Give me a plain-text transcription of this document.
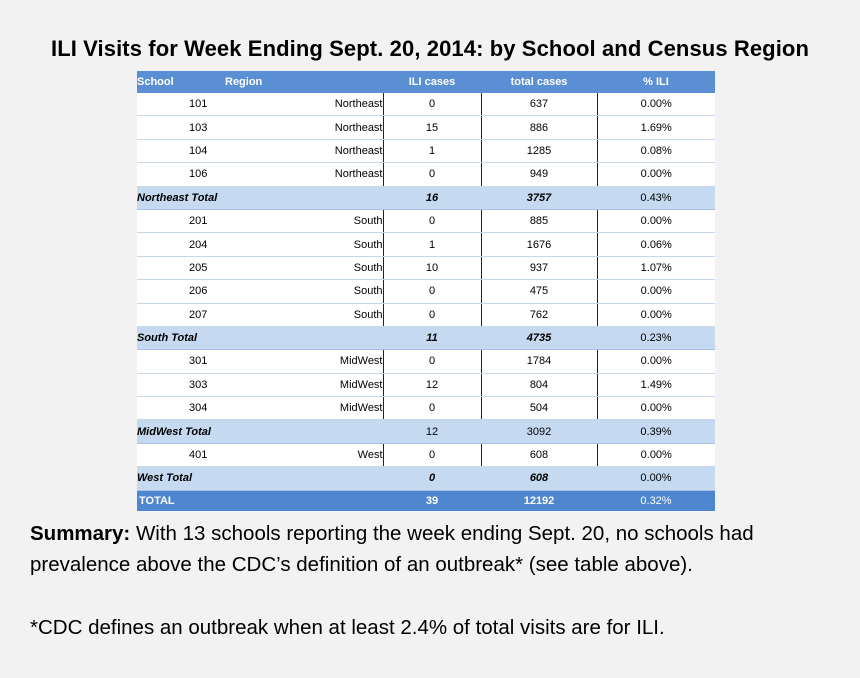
ILI Visits for Week Ending Sept. 20, 2014: by School and Census Region
School	Region		ILI cases	total cases	% ILI
	101	Northeast	0	637	0.00%
	103	Northeast	15	886	1.69%
	104	Northeast	1	1285	0.08%
	106	Northeast	0	949	0.00%
Northeast Total			16	3757	0.43%
	201	South	0	885	0.00%
	204	South	1	1676	0.06%
	205	South	10	937	1.07%
	206	South	0	475	0.00%
	207	South	0	762	0.00%
South Total			11	4735	0.23%
	301	MidWest	0	1784	0.00%
	303	MidWest	12	804	1.49%
	304	MidWest	0	504	0.00%
MidWest Total			12	3092	0.39%
	401	West	0	608	0.00%
West Total			0	608	0.00%
TOTAL			39	12192	0.32%
Summary: With 13 schools reporting the week ending Sept. 20, no schools had prevalence above the CDC’s definition of an outbreak* (see table above).
*CDC defines an outbreak when at least 2.4% of total visits are for ILI.
